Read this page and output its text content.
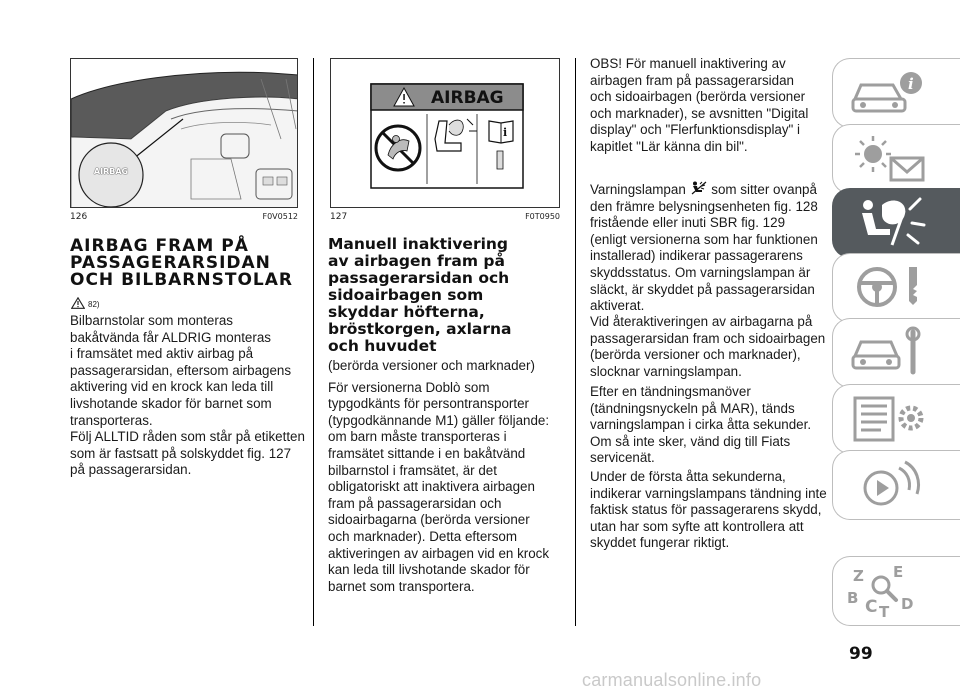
AIRBAG
126	F0V0512
AIRBAG FRAM PÅ
PASSAGERARSIDAN
OCH BILBARNSTOLAR
82)
Bilbarnstolar som monteras
bakåtvända får ALDRIG monteras
i framsätet med aktiv airbag på
passagerarsidan, eftersom airbagens
aktivering vid en krock kan leda till
livshotande skador för barnet som
transporteras.
Följ ALLTID råden som står på etiketten
som är fastsatt på solskyddet fig. 127
på passagerarsidan.
i
AIRBAG
127	F0T0950
Manuell inaktivering
av airbagen fram på
passagerarsidan och
sidoairbagen som
skyddar höfterna,
bröstkorgen, axlarna
och huvudet
(berörda versioner och marknader)
För versionerna Doblò som
typgodkänts för persontransporter
(typgodkännande M1) gäller följande:
om barn måste transporteras i
framsätet sittande i en bakåtvänd
bilbarnstol i framsätet, är det
obligatoriskt att inaktivera airbagen
fram på passagerarsidan och
sidoairbagarna (berörda versioner
och marknader). Detta eftersom
aktiveringen av airbagen vid en krock
kan leda till livshotande skador för
barnet som transportera.
OBS! För manuell inaktivering av
airbagen fram på passagerarsidan
och sidoairbagen (berörda versioner
och marknader), se avsnitten "Digital
display" och "Flerfunktionsdisplay" i
kapitlet "Lär känna din bil".
Varningslampan som sitter ovanpå
den främre belysningsenheten fig. 128
fristående eller inuti SBR fig. 129
(enligt versionerna som har funktionen
installerad) indikerar passagerarens
skyddsstatus. Om varningslampan är
släckt, är skyddet på passagerarsidan
aktiverat.
Vid återaktiveringen av airbagarna på
passagerarsidan fram och sidoairbagen
(berörda versioner och marknader),
slocknar varningslampan.
Efter en tändningsmanöver
(tändningsnyckeln på MAR), tänds
varningslampan i cirka åtta sekunder.
Om så inte sker, vänd dig till Fiats
servicenät.
Under de första åtta sekunderna,
indikerar varningslampans tändning inte
faktisk status för passagerarens skydd,
utan har som syfte att kontrollera att
skyddet fungerar riktigt.
i
Z E
B C T D
99
carmanualsonline.info
